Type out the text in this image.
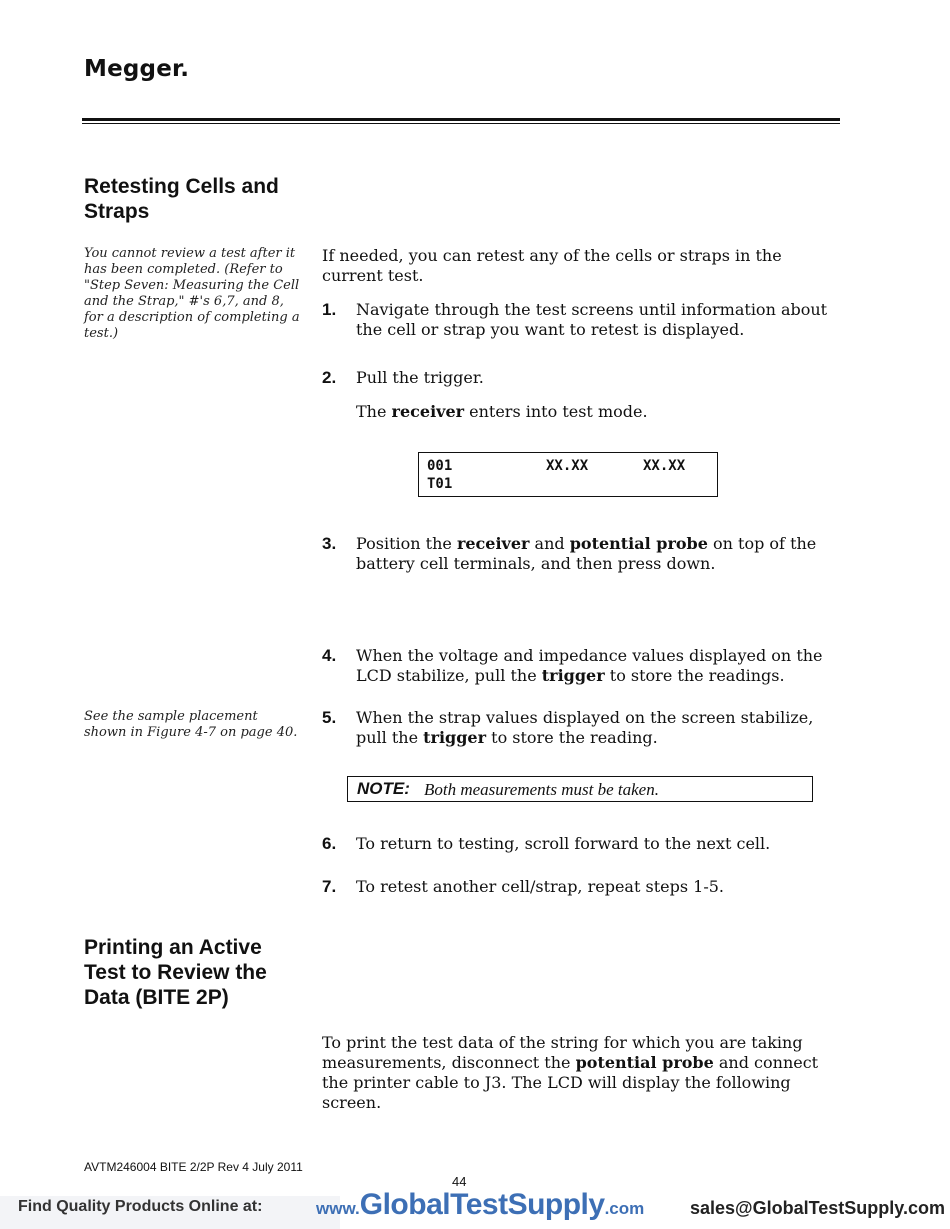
Megger.
Retesting Cells and
Straps
You cannot review a test after it
has been completed. (Refer to
"Step Seven: Measuring the Cell
and the Strap," #'s 6,7, and 8,
for a description of completing a
test.)
If needed, you can retest any of the cells or straps in the
current test.
1. Navigate through the test screens until information about
the cell or strap you want to retest is displayed.
2. Pull the trigger.
The receiver enters into test mode.
001	XX.XX	XX.XX
T01
3. Position the receiver and potential probe on top of the
battery cell terminals, and then press down.
4. When the voltage and impedance values displayed on the
LCD stabilize, pull the trigger to store the readings.
See the sample placement
shown in Figure 4-7 on page 40.
5. When the strap values displayed on the screen stabilize,
pull the trigger to store the reading.
NOTE: Both measurements must be taken.
6. To return to testing, scroll forward to the next cell.
7. To retest another cell/strap, repeat steps 1-5.
Printing an Active
Test to Review the
Data (BITE 2P)
To print the test data of the string for which you are taking
measurements, disconnect the potential probe and connect
the printer cable to J3. The LCD will display the following
screen.
AVTM246004 BITE 2/2P Rev 4 July 2011
44
Find Quality Products Online at:	www.GlobalTestSupply.com	sales@GlobalTestSupply.com
